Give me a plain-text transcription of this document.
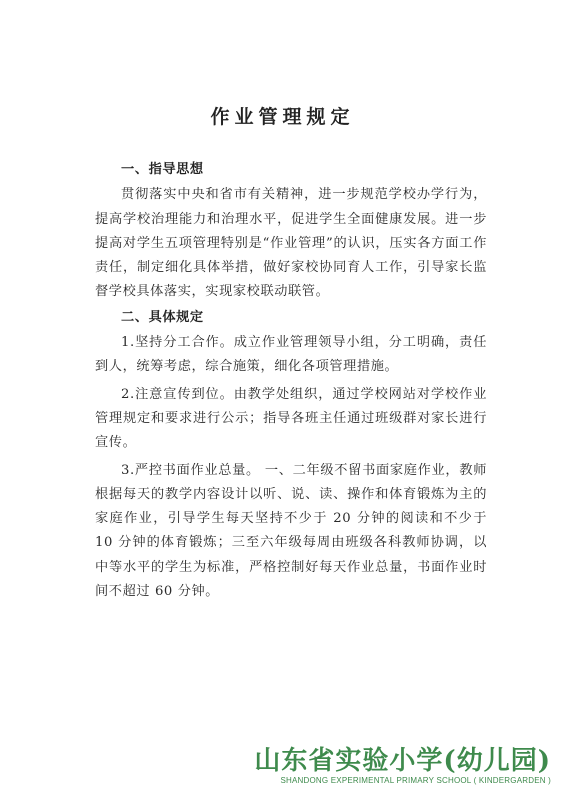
作业管理规定

一、指导思想

贯彻落实中央和省市有关精神，进一步规范学校办学行为，提高学校治理能力和治理水平，促进学生全面健康发展。进一步提高对学生五项管理特别是“作业管理”的认识，压实各方面工作责任，制定细化具体举措，做好家校协同育人工作，引导家长监督学校具体落实，实现家校联动联管。

二、具体规定

1.坚持分工合作。成立作业管理领导小组，分工明确，责任到人，统筹考虑，综合施策，细化各项管理措施。

2.注意宣传到位。由教学处组织，通过学校网站对学校作业管理规定和要求进行公示；指导各班主任通过班级群对家长进行宣传。

3.严控书面作业总量。 一、二年级不留书面家庭作业，教师根据每天的教学内容设计以听、说、读、操作和体育锻炼为主的家庭作业，引导学生每天坚持不少于 20 分钟的阅读和不少于 10 分钟的体育锻炼；三至六年级每周由班级各科教师协调，以中等水平的学生为标准，严格控制好每天作业总量，书面作业时间不超过 60 分钟。

山东省实验小学(幼儿园)
SHANDONG EXPERIMENTAL PRIMARY SCHOOL ( KINDERGARDEN )
